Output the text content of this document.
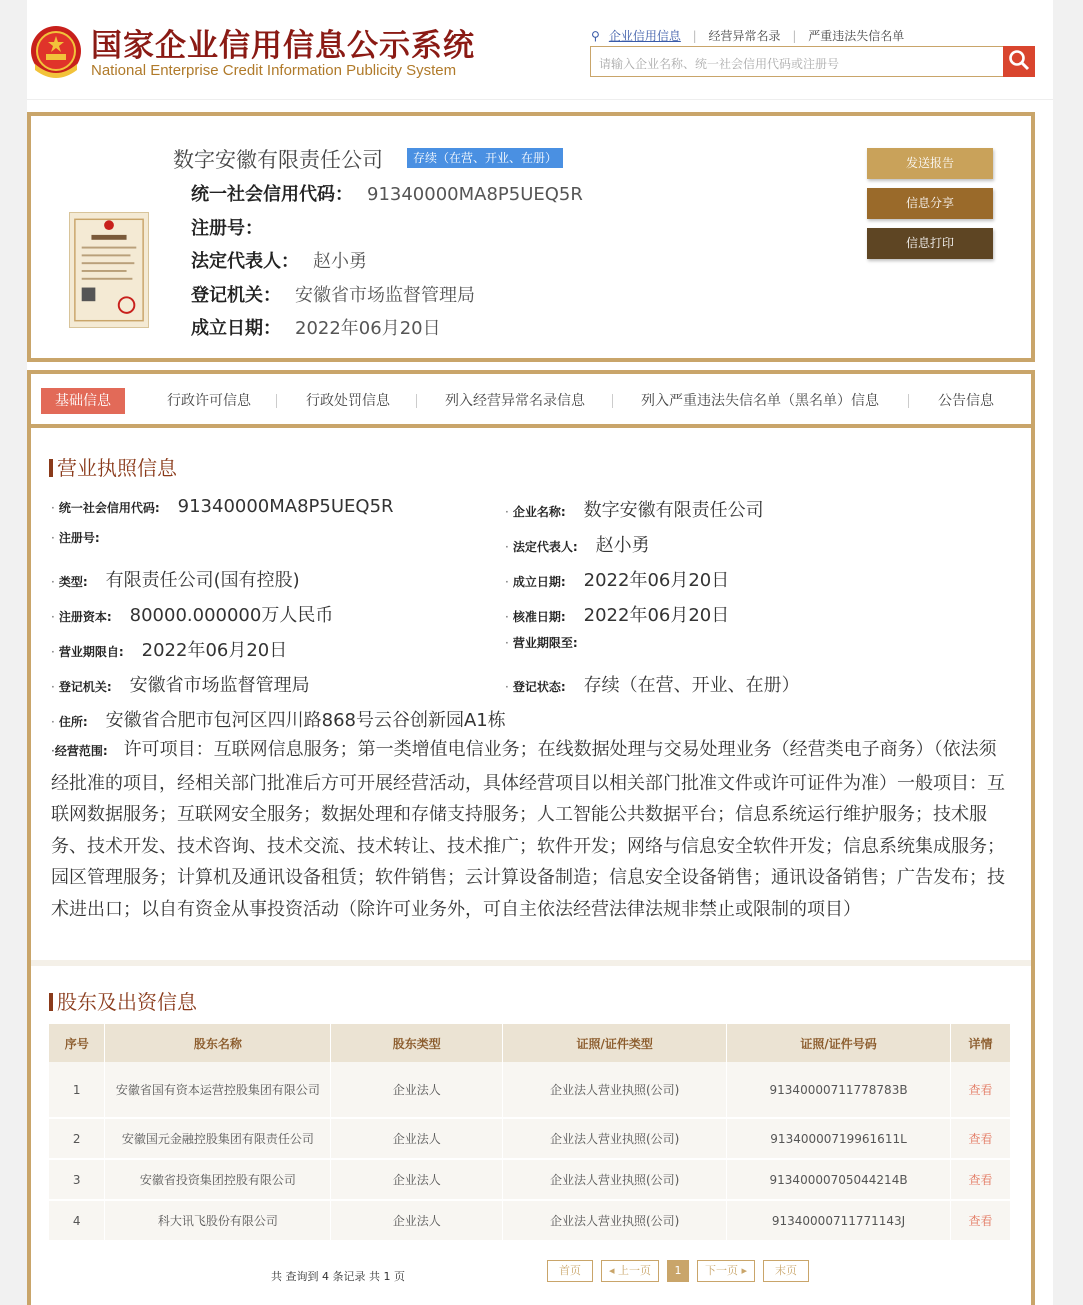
国家企业信用信息公示系统
National Enterprise Credit Information Publicity System
⚲ 企业信用信息 | 经营异常名录 | 严重违法失信名单
请输入企业名称、统一社会信用代码或注册号
数字安徽有限责任公司	存续（在营、开业、在册）
统一社会信用代码： 91340000MA8P5UEQ5R
注册号：
法定代表人： 赵小勇
登记机关： 安徽省市场监督管理局
成立日期： 2022年06月20日
发送报告
信息分享
信息打印
基础信息	行政许可信息	行政处罚信息	列入经营异常名录信息	列入严重违法失信名单（黑名单）信息	公告信息
营业执照信息
· 统一社会信用代码: 91340000MA8P5UEQ5R
· 注册号:
· 类型: 有限责任公司(国有控股)
· 注册资本: 80000.000000万人民币
· 营业期限自: 2022年06月20日
· 登记机关: 安徽省市场监督管理局
· 住所: 安徽省合肥市包河区四川路868号云谷创新园A1栋
· 企业名称: 数字安徽有限责任公司
· 法定代表人: 赵小勇
· 成立日期: 2022年06月20日
· 核准日期: 2022年06月20日
· 营业期限至:
· 登记状态: 存续（在营、开业、在册）
·经营范围: 许可项目：互联网信息服务；第一类增值电信业务；在线数据处理与交易处理业务（经营类电子商务）（依法须经批准的项目，经相关部门批准后方可开展经营活动，具体经营项目以相关部门批准文件或许可证件为准）一般项目：互联网数据服务；互联网安全服务；数据处理和存储支持服务；人工智能公共数据平台；信息系统运行维护服务；技术服务、技术开发、技术咨询、技术交流、技术转让、技术推广；软件开发；网络与信息安全软件开发；信息系统集成服务；园区管理服务；计算机及通讯设备租赁；软件销售；云计算设备制造；信息安全设备销售；通讯设备销售；广告发布；技术进出口；以自有资金从事投资活动（除许可业务外，可自主依法经营法律法规非禁止或限制的项目）
股东及出资信息
序号	股东名称	股东类型	证照/证件类型	证照/证件号码	详情
1	安徽省国有资本运营控股集团有限公司	企业法人	企业法人营业执照(公司)	91340000711778783B	查看
2	安徽国元金融控股集团有限责任公司	企业法人	企业法人营业执照(公司)	91340000719961611L	查看
3	安徽省投资集团控股有限公司	企业法人	企业法人营业执照(公司)	91340000705044214B	查看
4	科大讯飞股份有限公司	企业法人	企业法人营业执照(公司)	91340000711771143J	查看
共 查询到 4 条记录 共 1 页	首页	◂ 上一页	1	下一页 ▸	末页
